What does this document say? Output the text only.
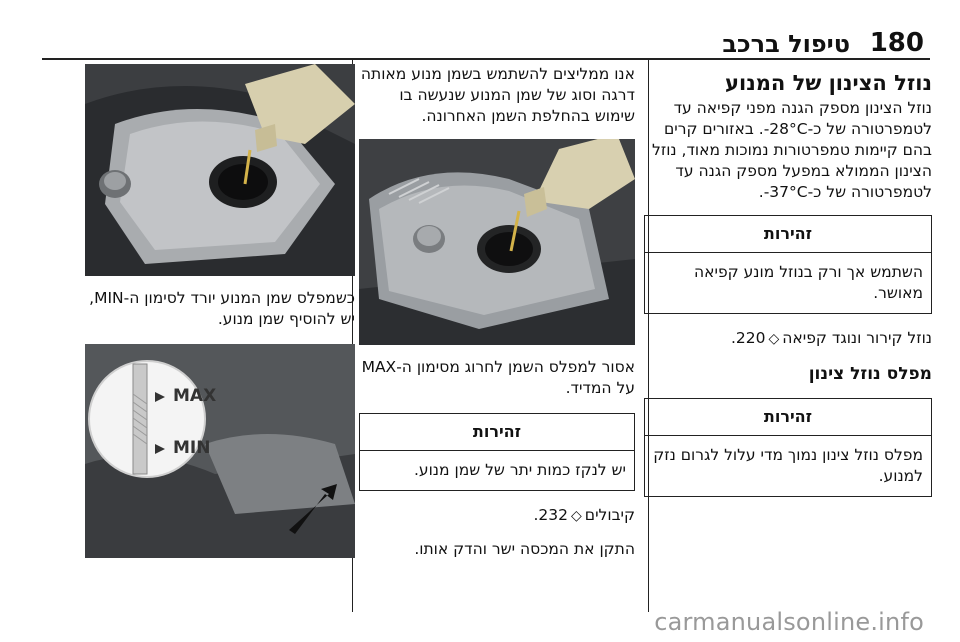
180
טיפול ברכב
נוזל הצינון של המנוע

נוזל הצינון מספק הגנה מפני קפיאה עד לטמפרטורה של כ-‎-28°C‎. באזורים קרים בהם קיימות טמפרטורות נמוכות מאוד, נוזל הצינון הממולא במפעל מספק הגנה עד לטמפרטורה של כ-‎-37°C‎.

זהירות
השתמש אך ורק בנוזל מונע קפיאה מאושר.

נוזל קירור ונוגד קפיאה◇220.

מפלס נוזל צינון
זהירות
מפלס נוזל צינון נמוך מדי עלול לגרום נזק למנוע.

אנו ממליצים להשתמש בשמן מנוע מאותה דרגה וסוג של שמן המנוע שנעשה בו שימוש בהחלפת השמן האחרונה.

אסור למפלס השמן לחרוג מסימון ה-MAX על המדיד.
זהירות
יש לנקז כמות יתר של שמן מנוע.

קיבולים◇232.

התקן את המכסה ישר והדק אותו.

כשמפלס שמן המנוע יורד לסימון ה-MIN, יש להוסיף שמן מנוע.
MAX
MIN
carmanualsonline.info
